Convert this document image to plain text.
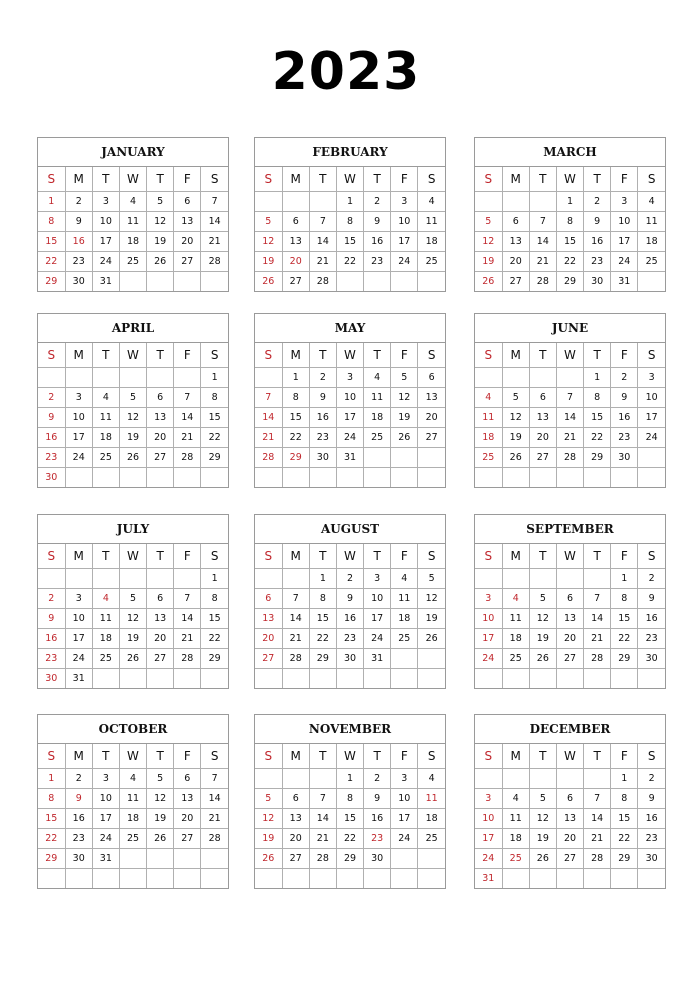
2023
JANUARY
S	M	T	W	T	F	S
1	2	3	4	5	6	7
8	9	10	11	12	13	14
15	16	17	18	19	20	21
22	23	24	25	26	27	28
29	30	31				
FEBRUARY
S	M	T	W	T	F	S
			1	2	3	4
5	6	7	8	9	10	11
12	13	14	15	16	17	18
19	20	21	22	23	24	25
26	27	28				
MARCH
S	M	T	W	T	F	S
			1	2	3	4
5	6	7	8	9	10	11
12	13	14	15	16	17	18
19	20	21	22	23	24	25
26	27	28	29	30	31	
APRIL
S	M	T	W	T	F	S
						1
2	3	4	5	6	7	8
9	10	11	12	13	14	15
16	17	18	19	20	21	22
23	24	25	26	27	28	29
30						
MAY
S	M	T	W	T	F	S
	1	2	3	4	5	6
7	8	9	10	11	12	13
14	15	16	17	18	19	20
21	22	23	24	25	26	27
28	29	30	31			

JUNE
S	M	T	W	T	F	S
				1	2	3
4	5	6	7	8	9	10
11	12	13	14	15	16	17
18	19	20	21	22	23	24
25	26	27	28	29	30	

JULY
S	M	T	W	T	F	S
						1
2	3	4	5	6	7	8
9	10	11	12	13	14	15
16	17	18	19	20	21	22
23	24	25	26	27	28	29
30	31					
AUGUST
S	M	T	W	T	F	S
		1	2	3	4	5
6	7	8	9	10	11	12
13	14	15	16	17	18	19
20	21	22	23	24	25	26
27	28	29	30	31		

SEPTEMBER
S	M	T	W	T	F	S
					1	2
3	4	5	6	7	8	9
10	11	12	13	14	15	16
17	18	19	20	21	22	23
24	25	26	27	28	29	30

OCTOBER
S	M	T	W	T	F	S
1	2	3	4	5	6	7
8	9	10	11	12	13	14
15	16	17	18	19	20	21
22	23	24	25	26	27	28
29	30	31				

NOVEMBER
S	M	T	W	T	F	S
			1	2	3	4
5	6	7	8	9	10	11
12	13	14	15	16	17	18
19	20	21	22	23	24	25
26	27	28	29	30		

DECEMBER
S	M	T	W	T	F	S
					1	2
3	4	5	6	7	8	9
10	11	12	13	14	15	16
17	18	19	20	21	22	23
24	25	26	27	28	29	30
31						
